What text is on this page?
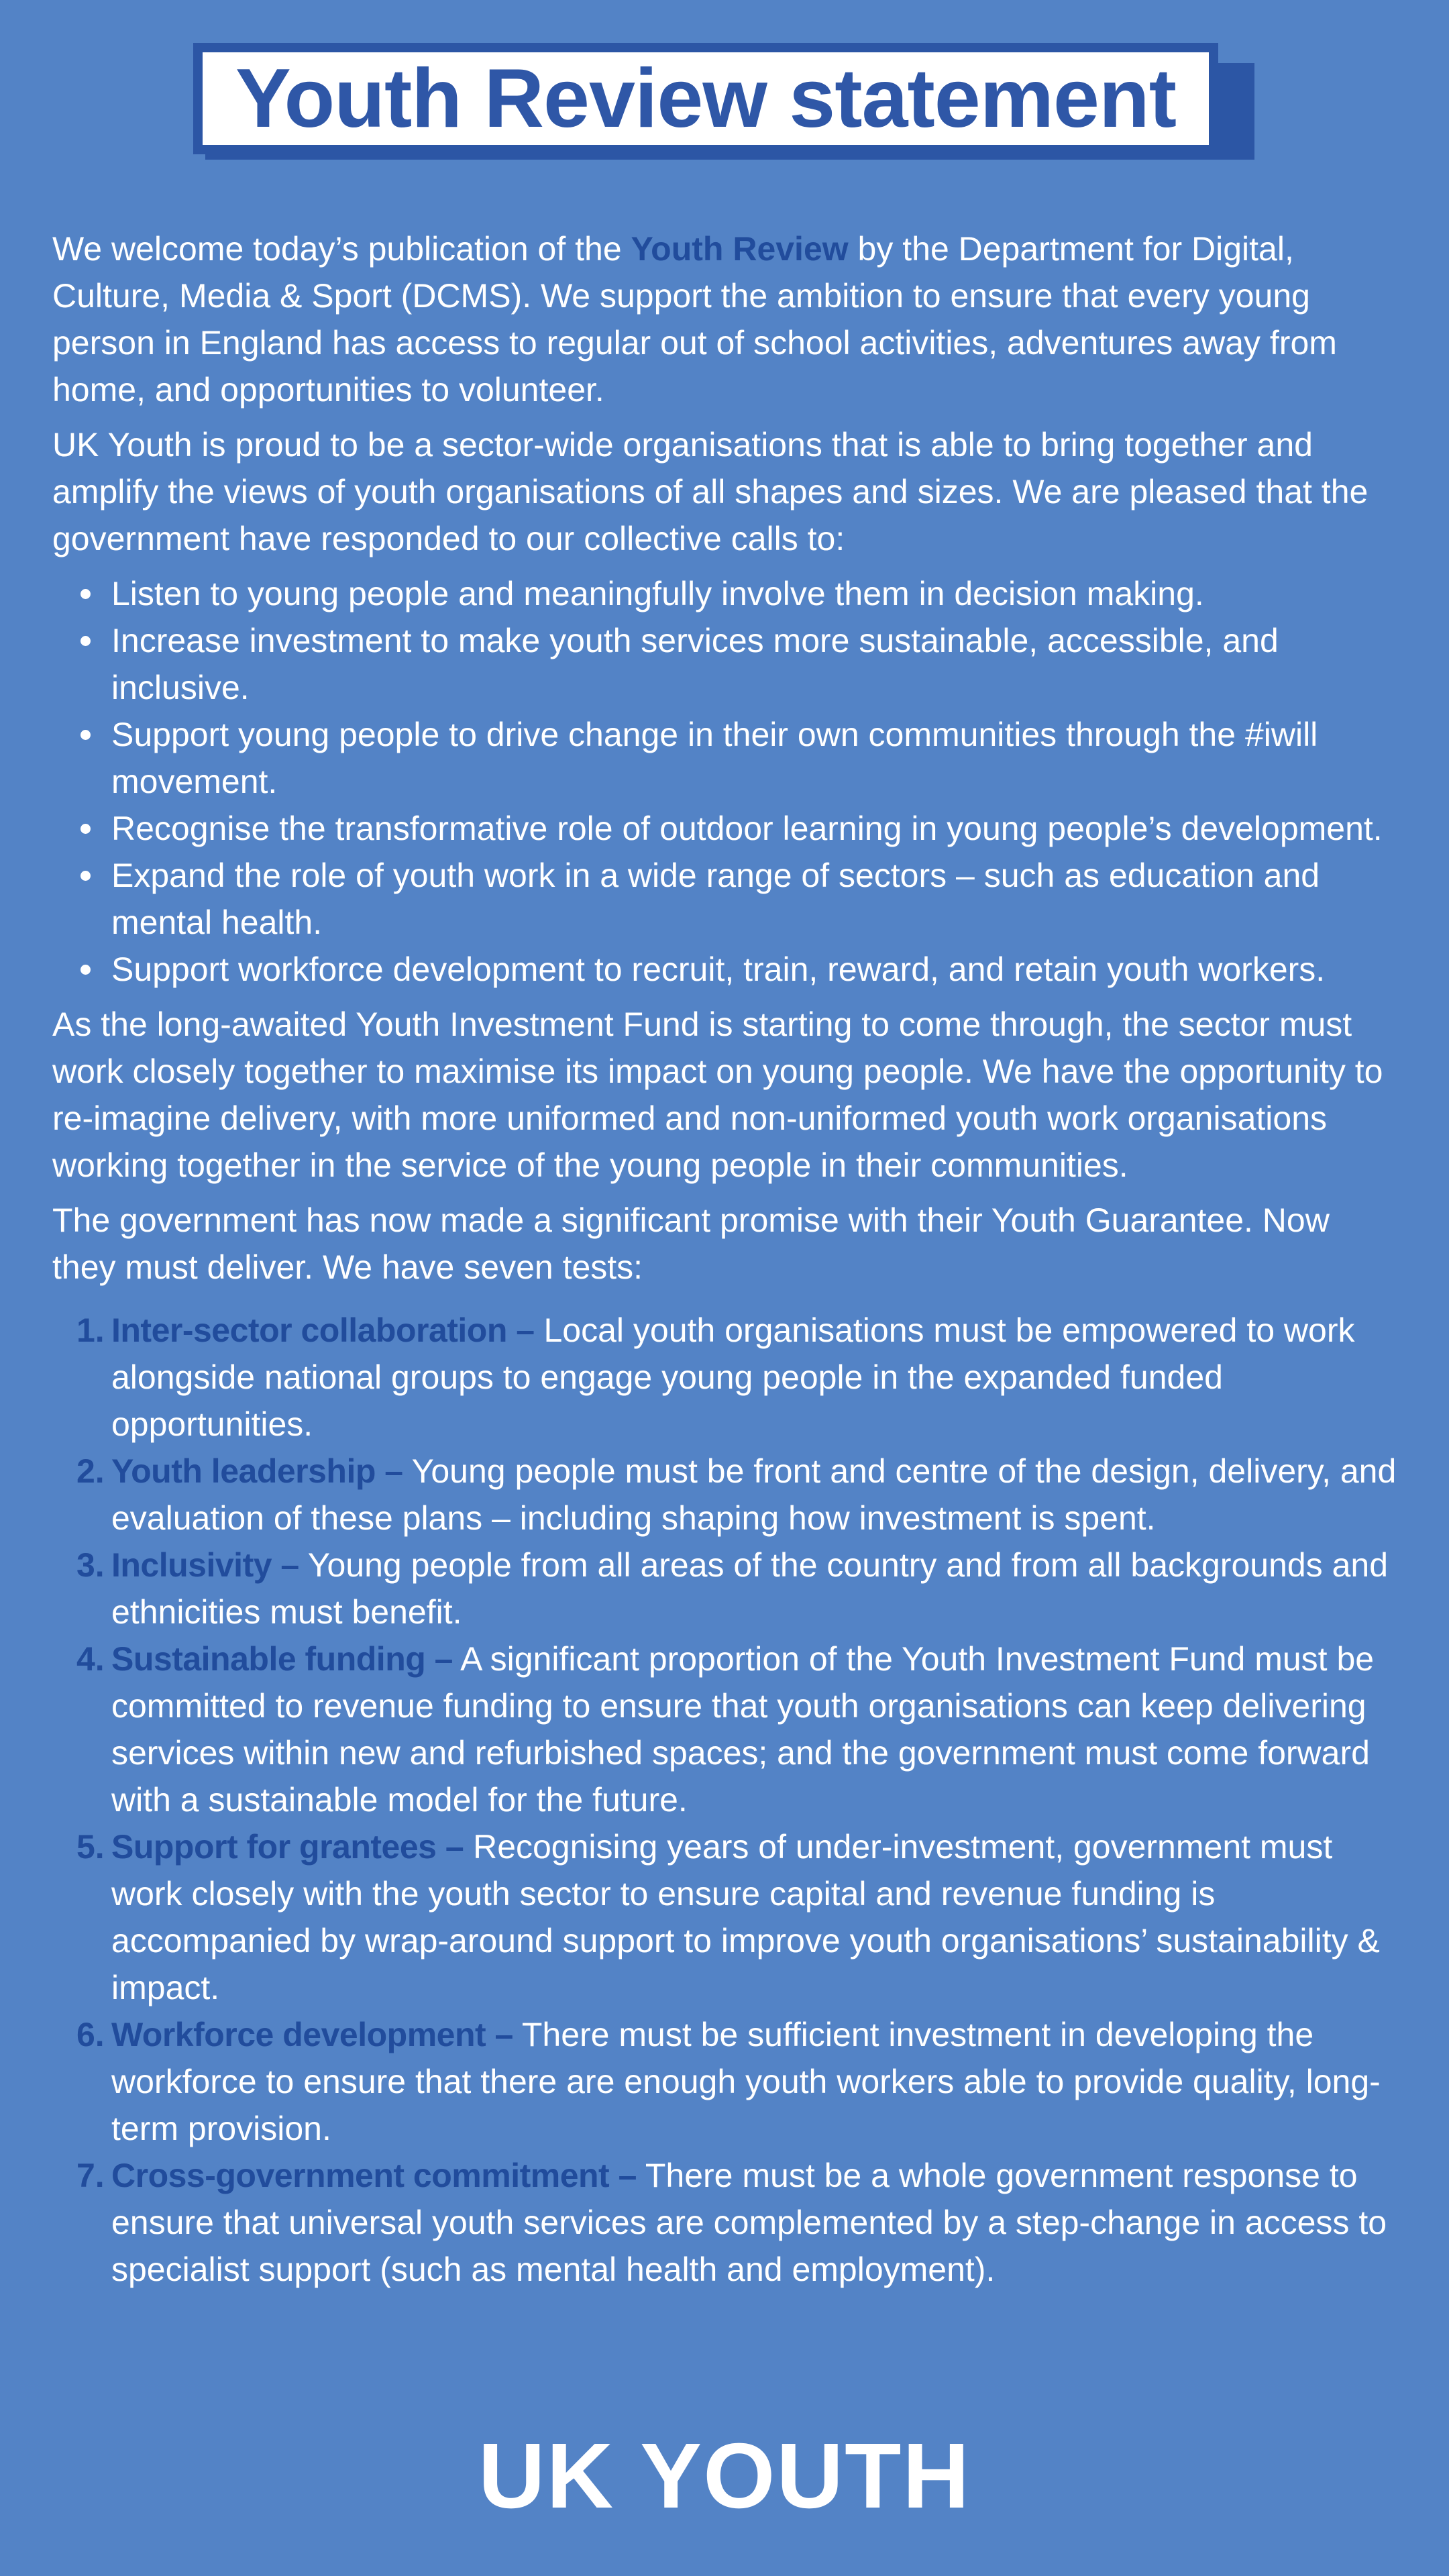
Youth Review statement

We welcome today’s publication of the Youth Review by the Department for Digital, Culture, Media & Sport (DCMS). We support the ambition to ensure that every young person in England has access to regular out of school activities, adventures away from home, and opportunities to volunteer.

UK Youth is proud to be a sector-wide organisations that is able to bring together and amplify the views of youth organisations of all shapes and sizes. We are pleased that the government have responded to our collective calls to:

Listen to young people and meaningfully involve them in decision making.
Increase investment to make youth services more sustainable, accessible, and inclusive.
Support young people to drive change in their own communities through the #iwill movement.
Recognise the transformative role of outdoor learning in young people’s development.
Expand the role of youth work in a wide range of sectors – such as education and mental health.
Support workforce development to recruit, train, reward, and retain youth workers.

As the long-awaited Youth Investment Fund is starting to come through, the sector must work closely together to maximise its impact on young people. We have the opportunity to re-imagine delivery, with more uniformed and non-uniformed youth work organisations working together in the service of the young people in their communities.

The government has now made a significant promise with their Youth Guarantee. Now they must deliver. We have seven tests:

1. Inter-sector collaboration – Local youth organisations must be empowered to work alongside national groups to engage young people in the expanded funded opportunities.
2. Youth leadership – Young people must be front and centre of the design, delivery, and evaluation of these plans – including shaping how investment is spent.
3. Inclusivity – Young people from all areas of the country and from all backgrounds and ethnicities must benefit.
4. Sustainable funding – A significant proportion of the Youth Investment Fund must be committed to revenue funding to ensure that youth organisations can keep delivering services within new and refurbished spaces; and the government must come forward with a sustainable model for the future.
5. Support for grantees – Recognising years of under-investment, government must work closely with the youth sector to ensure capital and revenue funding is accompanied by wrap-around support to improve youth organisations’ sustainability & impact.
6. Workforce development – There must be sufficient investment in developing the workforce to ensure that there are enough youth workers able to provide quality, long-term provision.
7. Cross-government commitment – There must be a whole government response to ensure that universal youth services are complemented by a step-change in access to specialist support (such as mental health and employment).
UK YOUTH
